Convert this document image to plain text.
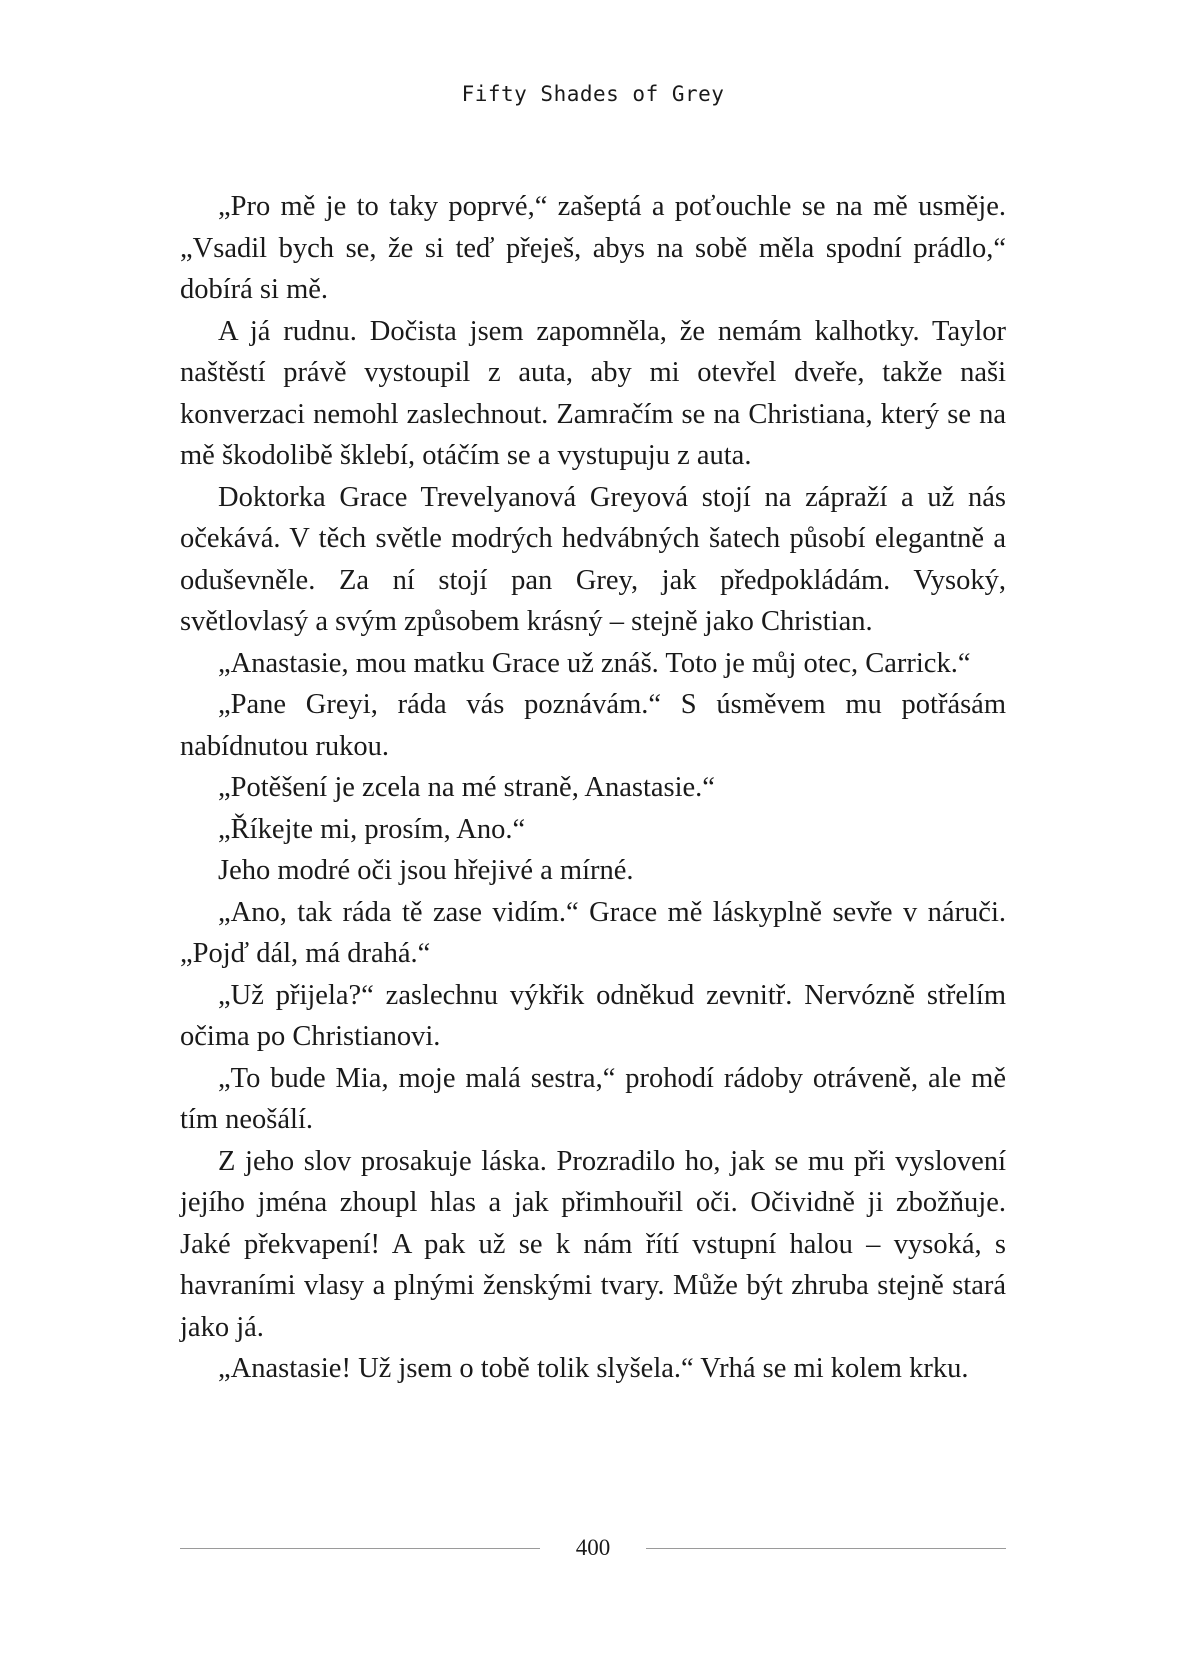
Fifty Shades of Grey

„Pro mě je to taky poprvé,“ zašeptá a poťouchle se na mě usměje. „Vsadil bych se, že si teď přeješ, abys na sobě měla spodní prádlo,“ dobírá si mě.

A já rudnu. Dočista jsem zapomněla, že nemám kalhotky. Taylor naštěstí právě vystoupil z auta, aby mi otevřel dveře, takže naši konverzaci nemohl zaslechnout. Zamračím se na Christiana, který se na mě škodolibě šklebí, otáčím se a vystupuju z auta.

Doktorka Grace Trevelyanová Greyová stojí na zápraží a už nás očekává. V těch světle modrých hedvábných šatech působí elegantně a oduševněle. Za ní stojí pan Grey, jak předpokládám. Vysoký, světlovlasý a svým způsobem krásný – stejně jako Christian.

„Anastasie, mou matku Grace už znáš. Toto je můj otec, Carrick.“

„Pane Greyi, ráda vás poznávám.“ S úsměvem mu potřásám nabídnutou rukou.

„Potěšení je zcela na mé straně, Anastasie.“

„Říkejte mi, prosím, Ano.“

Jeho modré oči jsou hřejivé a mírné.

„Ano, tak ráda tě zase vidím.“ Grace mě láskyplně sevře v náruči. „Pojď dál, má drahá.“

„Už přijela?“ zaslechnu výkřik odněkud zevnitř. Nervózně střelím očima po Christianovi.

„To bude Mia, moje malá sestra,“ prohodí rádoby otráveně, ale mě tím neošálí.

Z jeho slov prosakuje láska. Prozradilo ho, jak se mu při vyslovení jejího jména zhoupl hlas a jak přimhouřil oči. Očividně ji zbožňuje. Jaké překvapení! A pak už se k nám řítí vstupní halou – vysoká, s havraními vlasy a plnými ženskými tvary. Může být zhruba stejně stará jako já.

„Anastasie! Už jsem o tobě tolik slyšela.“ Vrhá se mi kolem krku.

400
